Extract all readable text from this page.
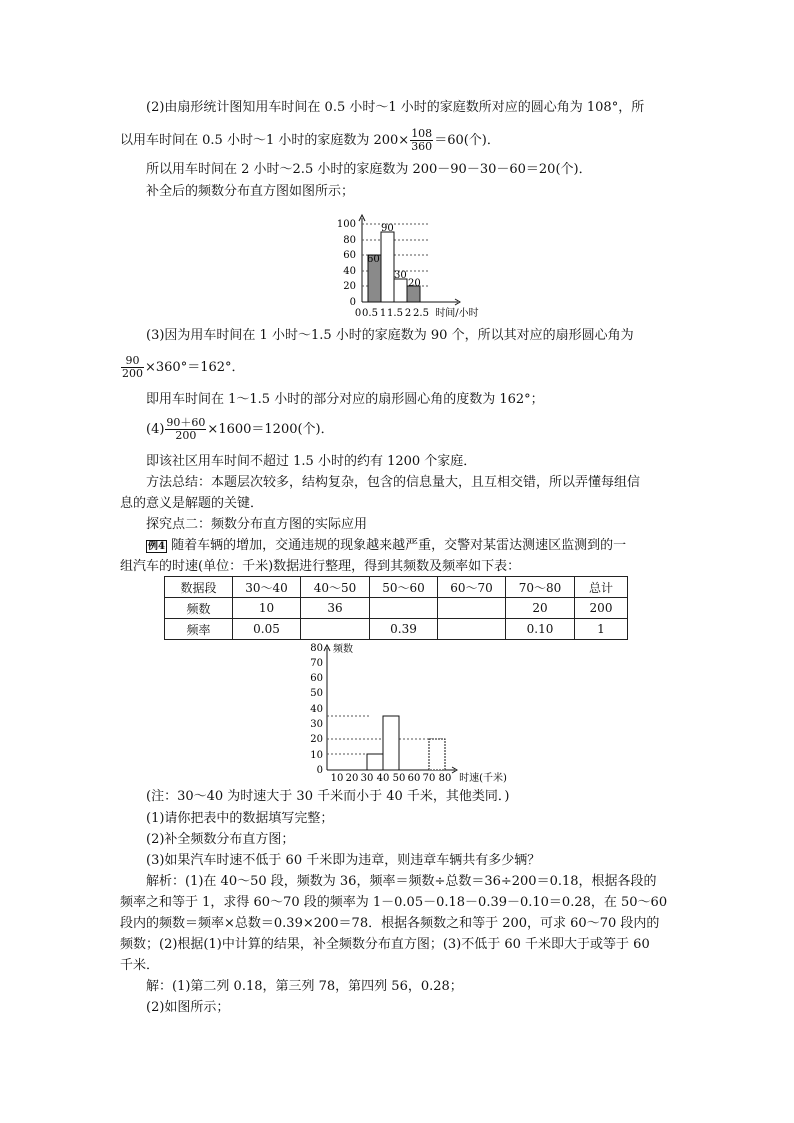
(2)由扇形统计图知用车时间在 0.5 小时～1 小时的家庭数所对应的圆心角为 108°，所
以用车时间在 0.5 小时～1 小时的家庭数为 $200\times \frac{108}{360} =60$(个)．
所以用车时间在 2 小时～2.5 小时的家庭数为 200－90－30－60＝20(个)．
补全后的频数分布直方图如图所示；
0
20
40
60
80
100
60
90
30
20
0 0.5 1 1.5 2 2.5 时间/小时
(3)因为用车时间在 1 小时～1.5 小时的家庭数为 90 个，所以其对应的扇形圆心角为
$\frac{90}{200} \times 360^\circ=162^\circ$．
即用车时间在 1～1.5 小时的部分对应的扇形圆心角的度数为 162°；
$(4) \frac{90+60}{200} \times 1600=1200$(个)．
即该社区用车时间不超过 1.5 小时的约有 1200 个家庭．
方法总结：本题层次较多，结构复杂，包含的信息量大，且互相交错，所以弄懂每组信
息的意义是解题的关键．
探究点二：频数分布直方图的实际应用
例4 随着车辆的增加，交通违规的现象越来越严重，交警对某雷达测速区监测到的一
组汽车的时速(单位：千米)数据进行整理，得到其频数及频率如下表：
数据段	30～40	40～50	50～60	60～70	70～80	总计
频数	10	36			20	200
频率	0.05		0.39		0.10	1
0
10
20
30
40
50
60
70
80 频数
10 20 30 40 50 60 70 80 时速(千米)
(注：30～40 为时速大于 30 千米而小于 40 千米，其他类同．)
(1)请你把表中的数据填写完整；
(2)补全频数分布直方图；
(3)如果汽车时速不低于 60 千米即为违章，则违章车辆共有多少辆？
解析：(1)在 40～50 段，频数为 36，频率＝频数÷总数＝36÷200＝0.18，根据各段的
频率之和等于 1，求得 60～70 段的频率为 1－0.05－0.18－0.39－0.10＝0.28，在 50～60
段内的频数＝频率×总数＝0.39×200＝78．根据各频数之和等于 200，可求 60～70 段内的
频数；(2)根据(1)中计算的结果，补全频数分布直方图；(3)不低于 60 千米即大于或等于 60
千米．
解：(1)第二列 0.18，第三列 78，第四列 56，0.28；
(2)如图所示；
